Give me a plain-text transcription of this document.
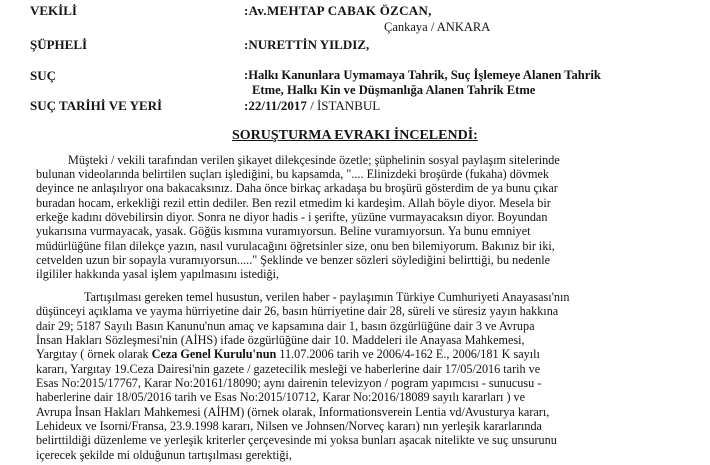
VEKİLİ	:Av.MEHTAP CABAK ÖZCAN,
Çankaya / ANKARA
ŞÜPHELİ	:NURETTİN YILDIZ,
SUÇ	:Halkı Kanunlara Uymamaya Tahrik, Suç İşlemeye Alanen Tahrik
Etme, Halkı Kin ve Düşmanlığa Alanen Tahrik Etme
SUÇ TARİHİ VE YERİ	:22/11/2017 / İSTANBUL
SORUŞTURMA EVRAKI İNCELENDİ:
Müşteki / vekili tarafından verilen şikayet dilekçesinde özetle; şüphelinin sosyal paylaşım sitelerinde
bulunan videolarında belirtilen suçları işlediğini, bu kapsamda, ".... Elinizdeki broşürde (fukaha) dövmek
deyince ne anlaşılıyor ona bakacaksınız. Daha önce birkaç arkadaşa bu broşürü gösterdim de ya bunu çıkar
buradan hocam, erkekliği rezil ettin dediler. Ben rezil etmedim ki kardeşim. Allah böyle diyor. Mesela bir
erkeğe kadını dövebilirsin diyor. Sonra ne diyor hadis - i şerifte, yüzüne vurmayacaksın diyor. Boyundan
yukarısına vurmayacak, yasak. Göğüs kısmına vuramıyorsun. Beline vuramıyorsun. Ya bunu emniyet
müdürlüğüne filan dilekçe yazın, nasıl vurulacağını öğretsinler size, onu ben bilemiyorum. Bakınız bir iki,
cetvelden uzun bir sopayla vuramıyorsun....." Şeklinde ve benzer sözleri söylediğini belirttiği, bu nedenle
ilgililer hakkında yasal işlem yapılmasını istediği,
Tartışılması gereken temel husustun, verilen haber - paylaşımın Türkiye Cumhuriyeti Anayasası'nın
düşünceyi açıklama ve yayma hürriyetine dair 26, basın hürriyetine dair 28, süreli ve süresiz yayın hakkına
dair 29; 5187 Sayılı Basın Kanunu'nun amaç ve kapsamına dair 1, basın özgürlüğüne dair 3 ve Avrupa
İnsan Hakları Sözleşmesi'nin (AİHS) ifade özgürlüğüne dair 10. Maddeleri ile Anayasa Mahkemesi,
Yargıtay ( örnek olarak Ceza Genel Kurulu'nun 11.07.2006 tarih ve 2006/4-162 E., 2006/181 K sayılı
kararı, Yargıtay 19.Ceza Dairesi'nin gazete / gazetecilik mesleği ve haberlerine dair 17/05/2016 tarih ve
Esas No:2015/17767, Karar No:20161/18090; aynı dairenin televizyon / pogram yapımcısı - sunucusu -
haberlerine dair 18/05/2016 tarih ve Esas No:2015/10712, Karar No:2016/18089 sayılı kararları ) ve
Avrupa İnsan Hakları Mahkemesi (AİHM) (örnek olarak, Informationsverein Lentia vd/Avusturya kararı,
Lehideux ve Isorni/Fransa, 23.9.1998 kararı, Nilsen ve Johnsen/Norveç kararı) nın yerleşik kararlarında
belirttildiği düzenleme ve yerleşik kriterler çerçevesinde mi yoksa bunları aşacak nitelikte ve suç unsurunu
içerecek şekilde mi olduğunun tartışılması gerektiği,
